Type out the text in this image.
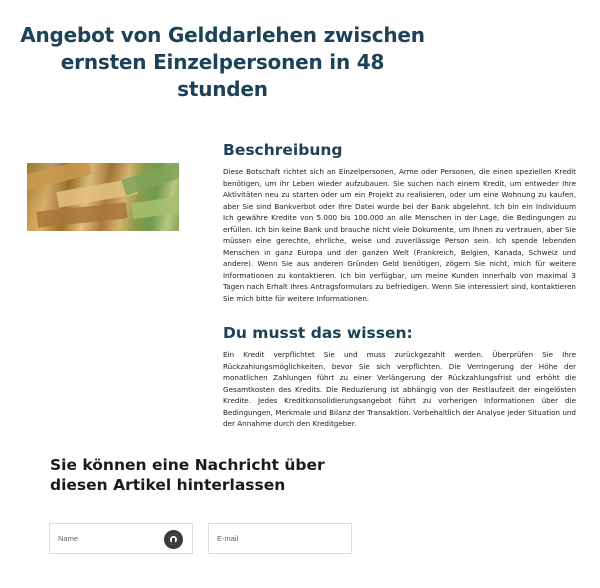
Angebot von Gelddarlehen zwischen ernsten Einzelpersonen in 48 stunden
Beschreibung

Diese Botschaft richtet sich an Einzelpersonen, Arme oder Personen, die einen speziellen Kredit benötigen, um ihr Leben wieder aufzubauen. Sie suchen nach einem Kredit, um entweder Ihre Aktivitäten neu zu starten oder um ein Projekt zu realisieren, oder um eine Wohnung zu kaufen, aber Sie sind Bankverbot oder Ihre Datei wurde bei der Bank abgelehnt. Ich bin ein Individuum Ich gewähre Kredite von 5.000 bis 100.000 an alle Menschen in der Lage, die Bedingungen zu erfüllen. Ich bin keine Bank und brauche nicht viele Dokumente, um Ihnen zu vertrauen, aber Sie müssen eine gerechte, ehrliche, weise und zuverlässige Person sein. Ich spende lebenden Menschen in ganz Europa und der ganzen Welt (Frankreich, Belgien, Kanada, Schweiz und andere). Wenn Sie aus anderen Gründen Geld benötigen, zögern Sie nicht, mich für weitere Informationen zu kontaktieren. Ich bin verfügbar, um meine Kunden innerhalb von maximal 3 Tagen nach Erhalt Ihres Antragsformulars zu befriedigen. Wenn Sie interessiert sind, kontaktieren Sie mich bitte für weitere Informationen.

Du musst das wissen:

Ein Kredit verpflichtet Sie und muss zurückgezahlt werden. Überprüfen Sie Ihre Rückzahlungsmöglichkeiten, bevor Sie sich verpflichten. Die Verringerung der Höhe der monatlichen Zahlungen führt zu einer Verlängerung der Rückzahlungsfrist und erhöht die Gesamtkosten des Kredits. Die Reduzierung ist abhängig von der Restlaufzeit der eingelösten Kredite. Jedes Kreditkonsolidierungsangebot führt zu vorherigen Informationen über die Bedingungen, Merkmale und Bilanz der Transaktion. Vorbehaltlich der Analyse jeder Situation und der Annahme durch den Kreditgeber.

Sie können eine Nachricht über diesen Artikel hinterlassen
Name	E-mail
